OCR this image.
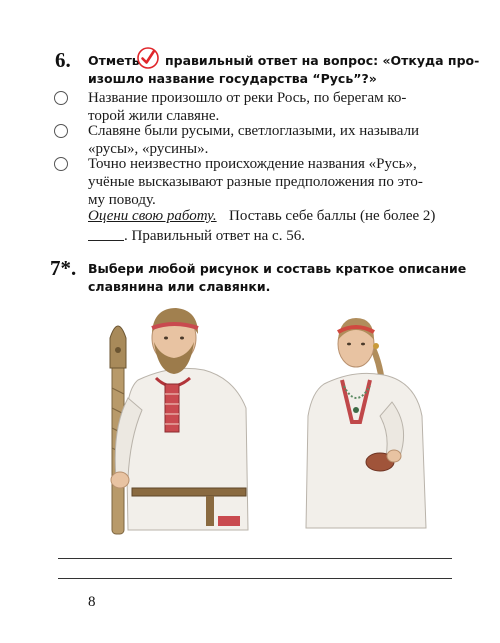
6. Отметь правильный ответ на вопрос: «Откуда про-
изошло название государства “Русь”?»
Название произошло от реки Рось, по берегам ко-
торой жили славяне.
Славяне были русыми, светлоглазыми, их называли
«русы», «русины».
Точно неизвестно происхождение названия «Русь»,
учёные высказывают разные предположения по это-
му поводу.
Оцени свою работу. Поставь себе баллы (не более 2)
. Правильный ответ на с. 56.
7*. Выбери любой рисунок и составь краткое описание
славянина или славянки.
8
